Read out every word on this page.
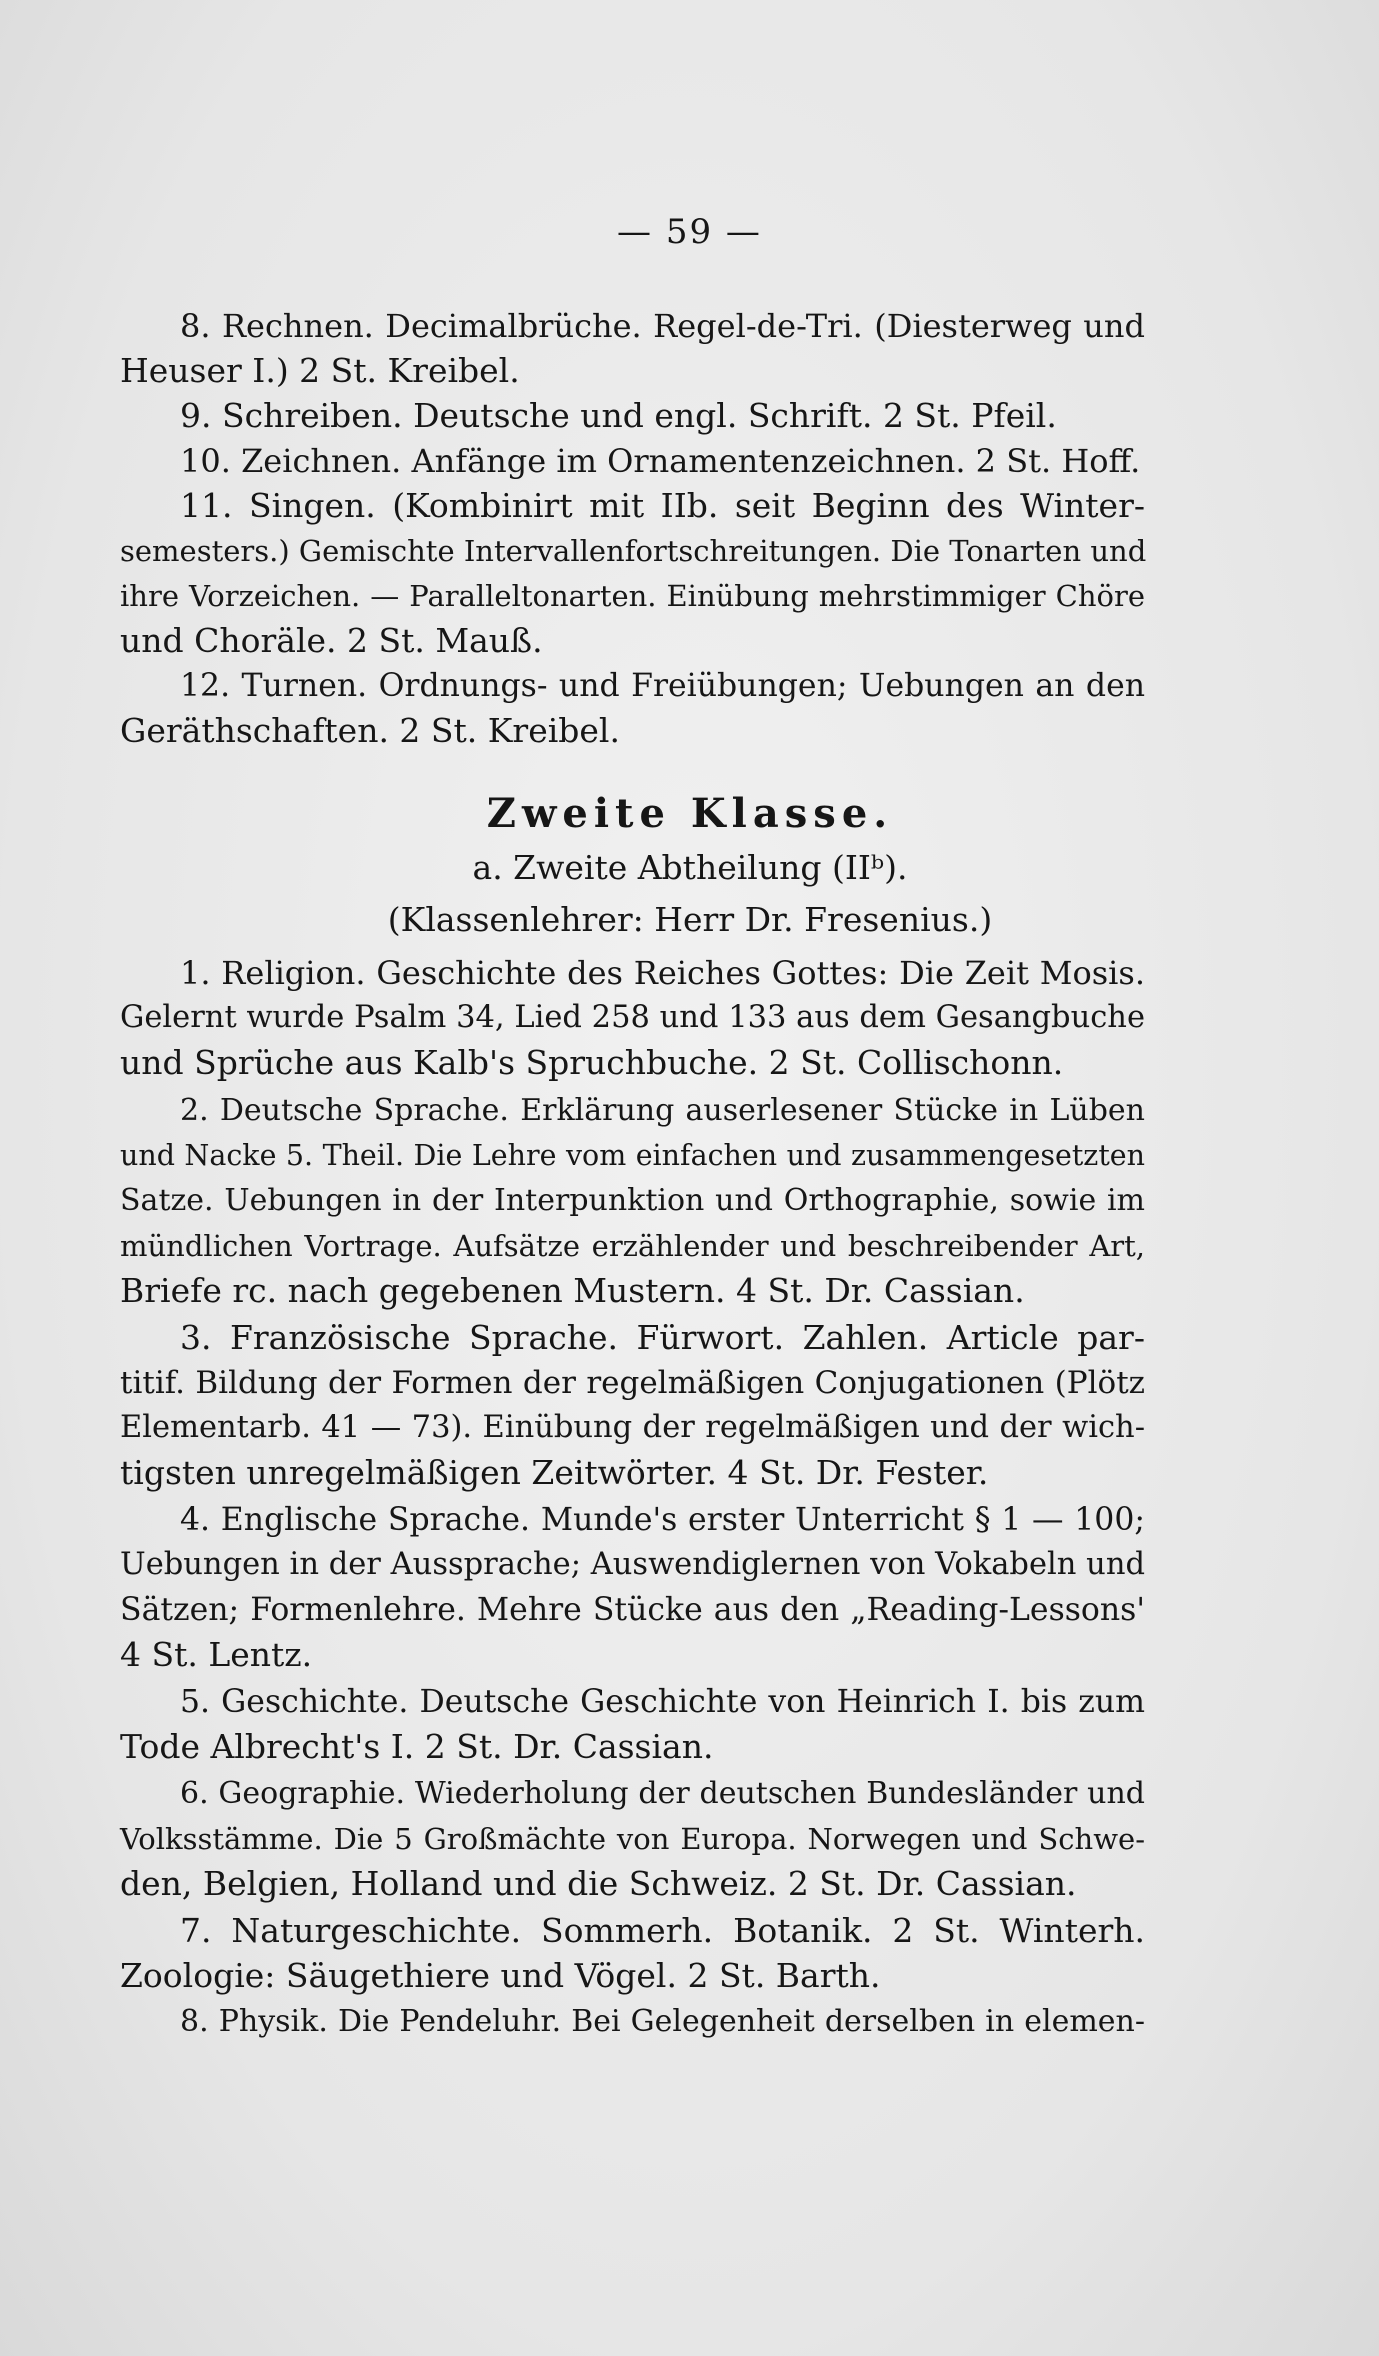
— 59 —
8. Rechnen. Decimalbrüche. Regel-de-Tri. (Diesterweg und
Heuser I.) 2 St. Kreibel.
9. Schreiben. Deutsche und engl. Schrift. 2 St. Pfeil.
10. Zeichnen. Anfänge im Ornamentenzeichnen. 2 St. Hoff.
11. Singen. (Kombinirt mit IIb. seit Beginn des Winter-
semesters.) Gemischte Intervallenfortschreitungen. Die Tonarten und
ihre Vorzeichen. — Paralleltonarten. Einübung mehrstimmiger Chöre
und Choräle. 2 St. Mauß.
12. Turnen. Ordnungs- und Freiübungen; Uebungen an den
Geräthschaften. 2 St. Kreibel.
Zweite Klasse.
a. Zweite Abtheilung (IIᵇ).
(Klassenlehrer: Herr Dr. Fresenius.)
1. Religion. Geschichte des Reiches Gottes: Die Zeit Mosis.
Gelernt wurde Psalm 34, Lied 258 und 133 aus dem Gesangbuche
und Sprüche aus Kalb's Spruchbuche. 2 St. Collischonn.
2. Deutsche Sprache. Erklärung auserlesener Stücke in Lüben
und Nacke 5. Theil. Die Lehre vom einfachen und zusammengesetzten
Satze. Uebungen in der Interpunktion und Orthographie, sowie im
mündlichen Vortrage. Aufsätze erzählender und beschreibender Art,
Briefe rc. nach gegebenen Mustern. 4 St. Dr. Cassian.
3. Französische Sprache. Fürwort. Zahlen. Article par-
titif. Bildung der Formen der regelmäßigen Conjugationen (Plötz
Elementarb. 41 — 73). Einübung der regelmäßigen und der wich-
tigsten unregelmäßigen Zeitwörter. 4 St. Dr. Fester.
4. Englische Sprache. Munde's erster Unterricht § 1 — 100;
Uebungen in der Aussprache; Auswendiglernen von Vokabeln und
Sätzen; Formenlehre. Mehre Stücke aus den „Reading-Lessons'
4 St. Lentz.
5. Geschichte. Deutsche Geschichte von Heinrich I. bis zum
Tode Albrecht's I. 2 St. Dr. Cassian.
6. Geographie. Wiederholung der deutschen Bundesländer und
Volksstämme. Die 5 Großmächte von Europa. Norwegen und Schwe-
den, Belgien, Holland und die Schweiz. 2 St. Dr. Cassian.
7. Naturgeschichte. Sommerh. Botanik. 2 St. Winterh.
Zoologie: Säugethiere und Vögel. 2 St. Barth.
8. Physik. Die Pendeluhr. Bei Gelegenheit derselben in elemen-
